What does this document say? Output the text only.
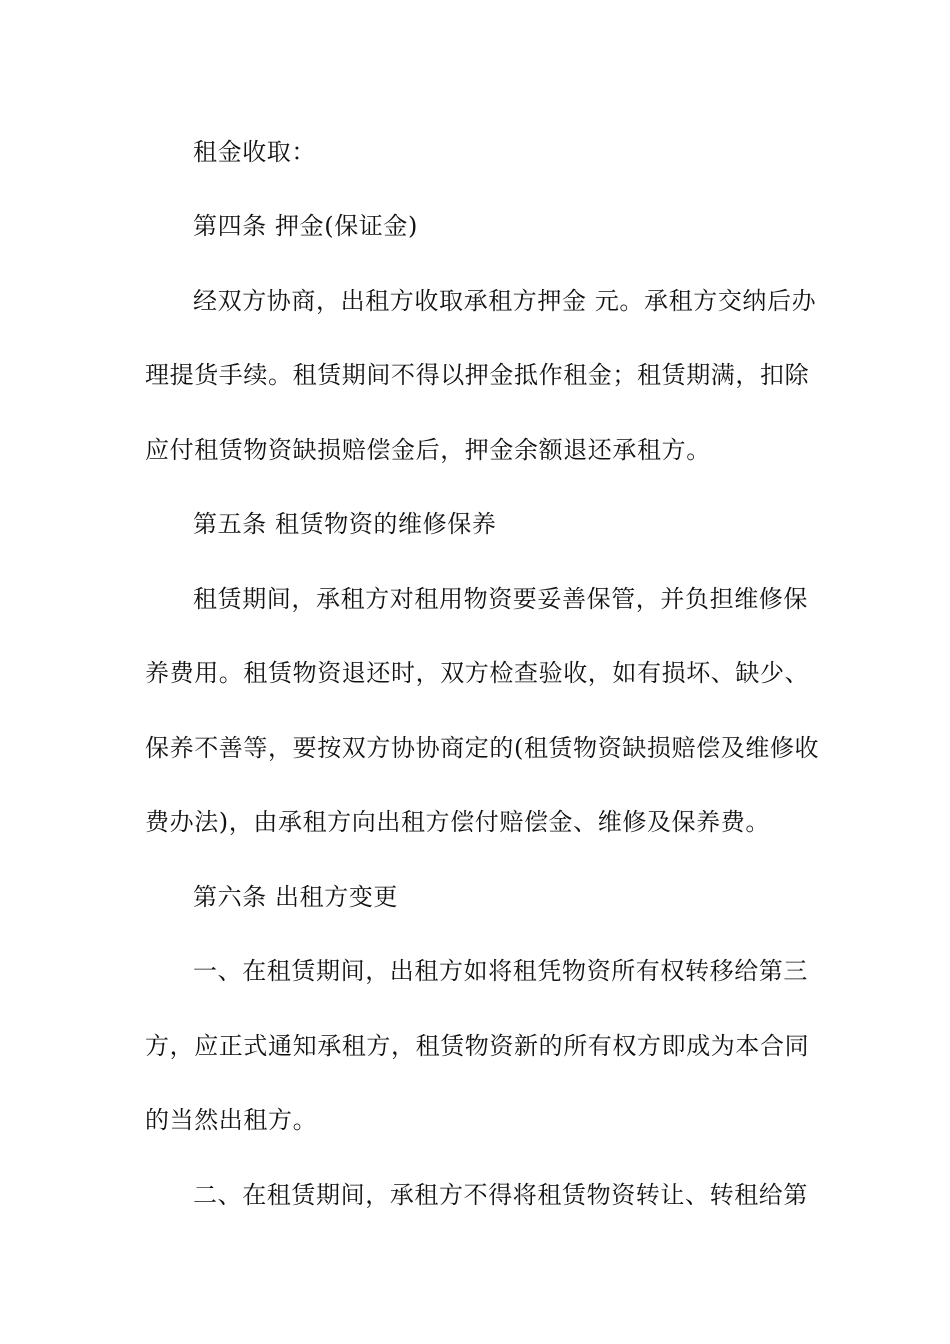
租金收取：
第四条 押金(保证金)
经双方协商，出租方收取承租方押金 元。承租方交纳后办
理提货手续。租赁期间不得以押金抵作租金；租赁期满，扣除
应付租赁物资缺损赔偿金后，押金余额退还承租方。
第五条 租赁物资的维修保养
租赁期间，承租方对租用物资要妥善保管，并负担维修保
养费用。租赁物资退还时，双方检查验收，如有损坏、缺少、
保养不善等，要按双方协协商定的(租赁物资缺损赔偿及维修收
费办法)，由承租方向出租方偿付赔偿金、维修及保养费。
第六条 出租方变更
一、在租赁期间，出租方如将租凭物资所有权转移给第三
方，应正式通知承租方，租赁物资新的所有权方即成为本合同
的当然出租方。
二、在租赁期间，承租方不得将租赁物资转让、转租给第
